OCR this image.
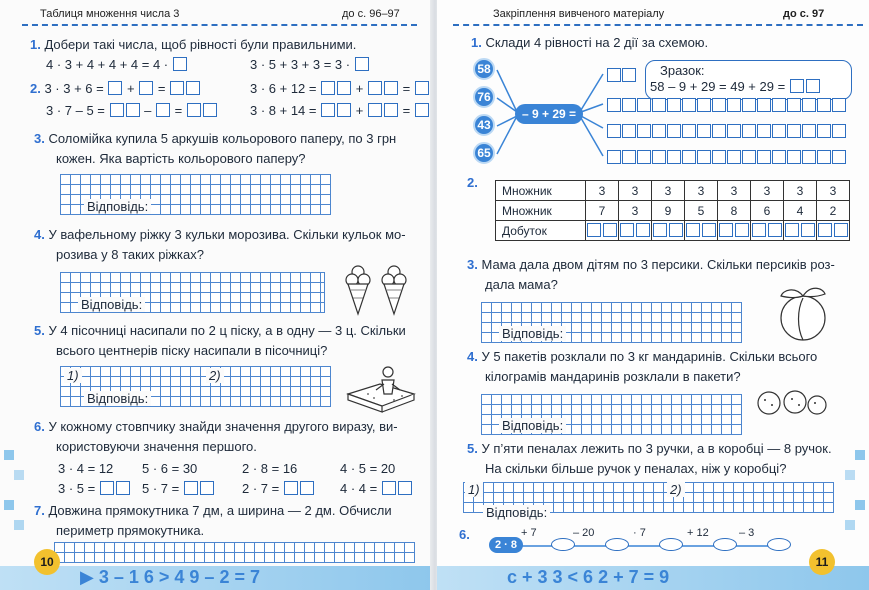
Таблиця множення числа 3	до с. 96–97
1. Добери такі числа, щоб рівності були правильними.
4 · 3 + 4 + 4 + 4 = 4 ·	3 · 5 + 3 + 3 = 3 ·
2. 3 · 3 + 6 = + =	3 · 6 + 12 =	+	=
3 · 7 – 5 =	– =	3 · 8 + 14 =	+	=
3. Соломійка купила 5 аркушів кольорового паперу, по 3 грн
кожен. Яка вартість кольорового паперу?
Відповідь:
4. У вафельному ріжку 3 кульки морозива. Скільки кульок мо-
розива у 8 таких ріжках?
Відповідь:
5. У 4 пісочниці насипали по 2 ц піску, а в одну — 3 ц. Скільки
всього центнерів піску насипали в пісочниці?
1)	2)
Відповідь:
6. У кожному стовпчику знайди значення другого виразу, ви-
користовуючи значення першого.
3 · 4 = 12 5 · 6 = 30	2 · 8 = 16	4 · 5 = 20
3 · 5 =	5 · 7 =	2 · 7 =	4 · 4 =
7. Довжина прямокутника 7 дм, а ширина — 2 дм. Обчисли
периметр прямокутника.
▶ 3 – 1 6 > 4 9 – 2 = 7
10
Закріплення вивченого матеріалу	до с. 97
1. Склади 4 рівності на 2 дії за схемою.
58
76
43
65
– 9 + 29 =
Зразок:
58 – 9 + 29 = 49 + 29 =
2.
Множник	3	3	3	3	3	3	3	3
Множник	7	3	9	5	8	6	4	2
Добуток								
3. Мама дала двом дітям по 3 персики. Скільки персиків роз-
дала мама?
Відповідь:
4. У 5 пакетів розклали по 3 кг мандаринів. Скільки всього
кілограмів мандаринів розклали в пакети?
Відповідь:
5. У п’яти пеналах лежить по 3 ручки, а в коробці — 8 ручок.
На скільки більше ручок у пеналах, ніж у коробці?
1)	2)
Відповідь:
6.	+ 7	– 20	· 7	+ 12	– 3
2 · 8
c + 3 3 < 6 2 + 7 = 9
11
